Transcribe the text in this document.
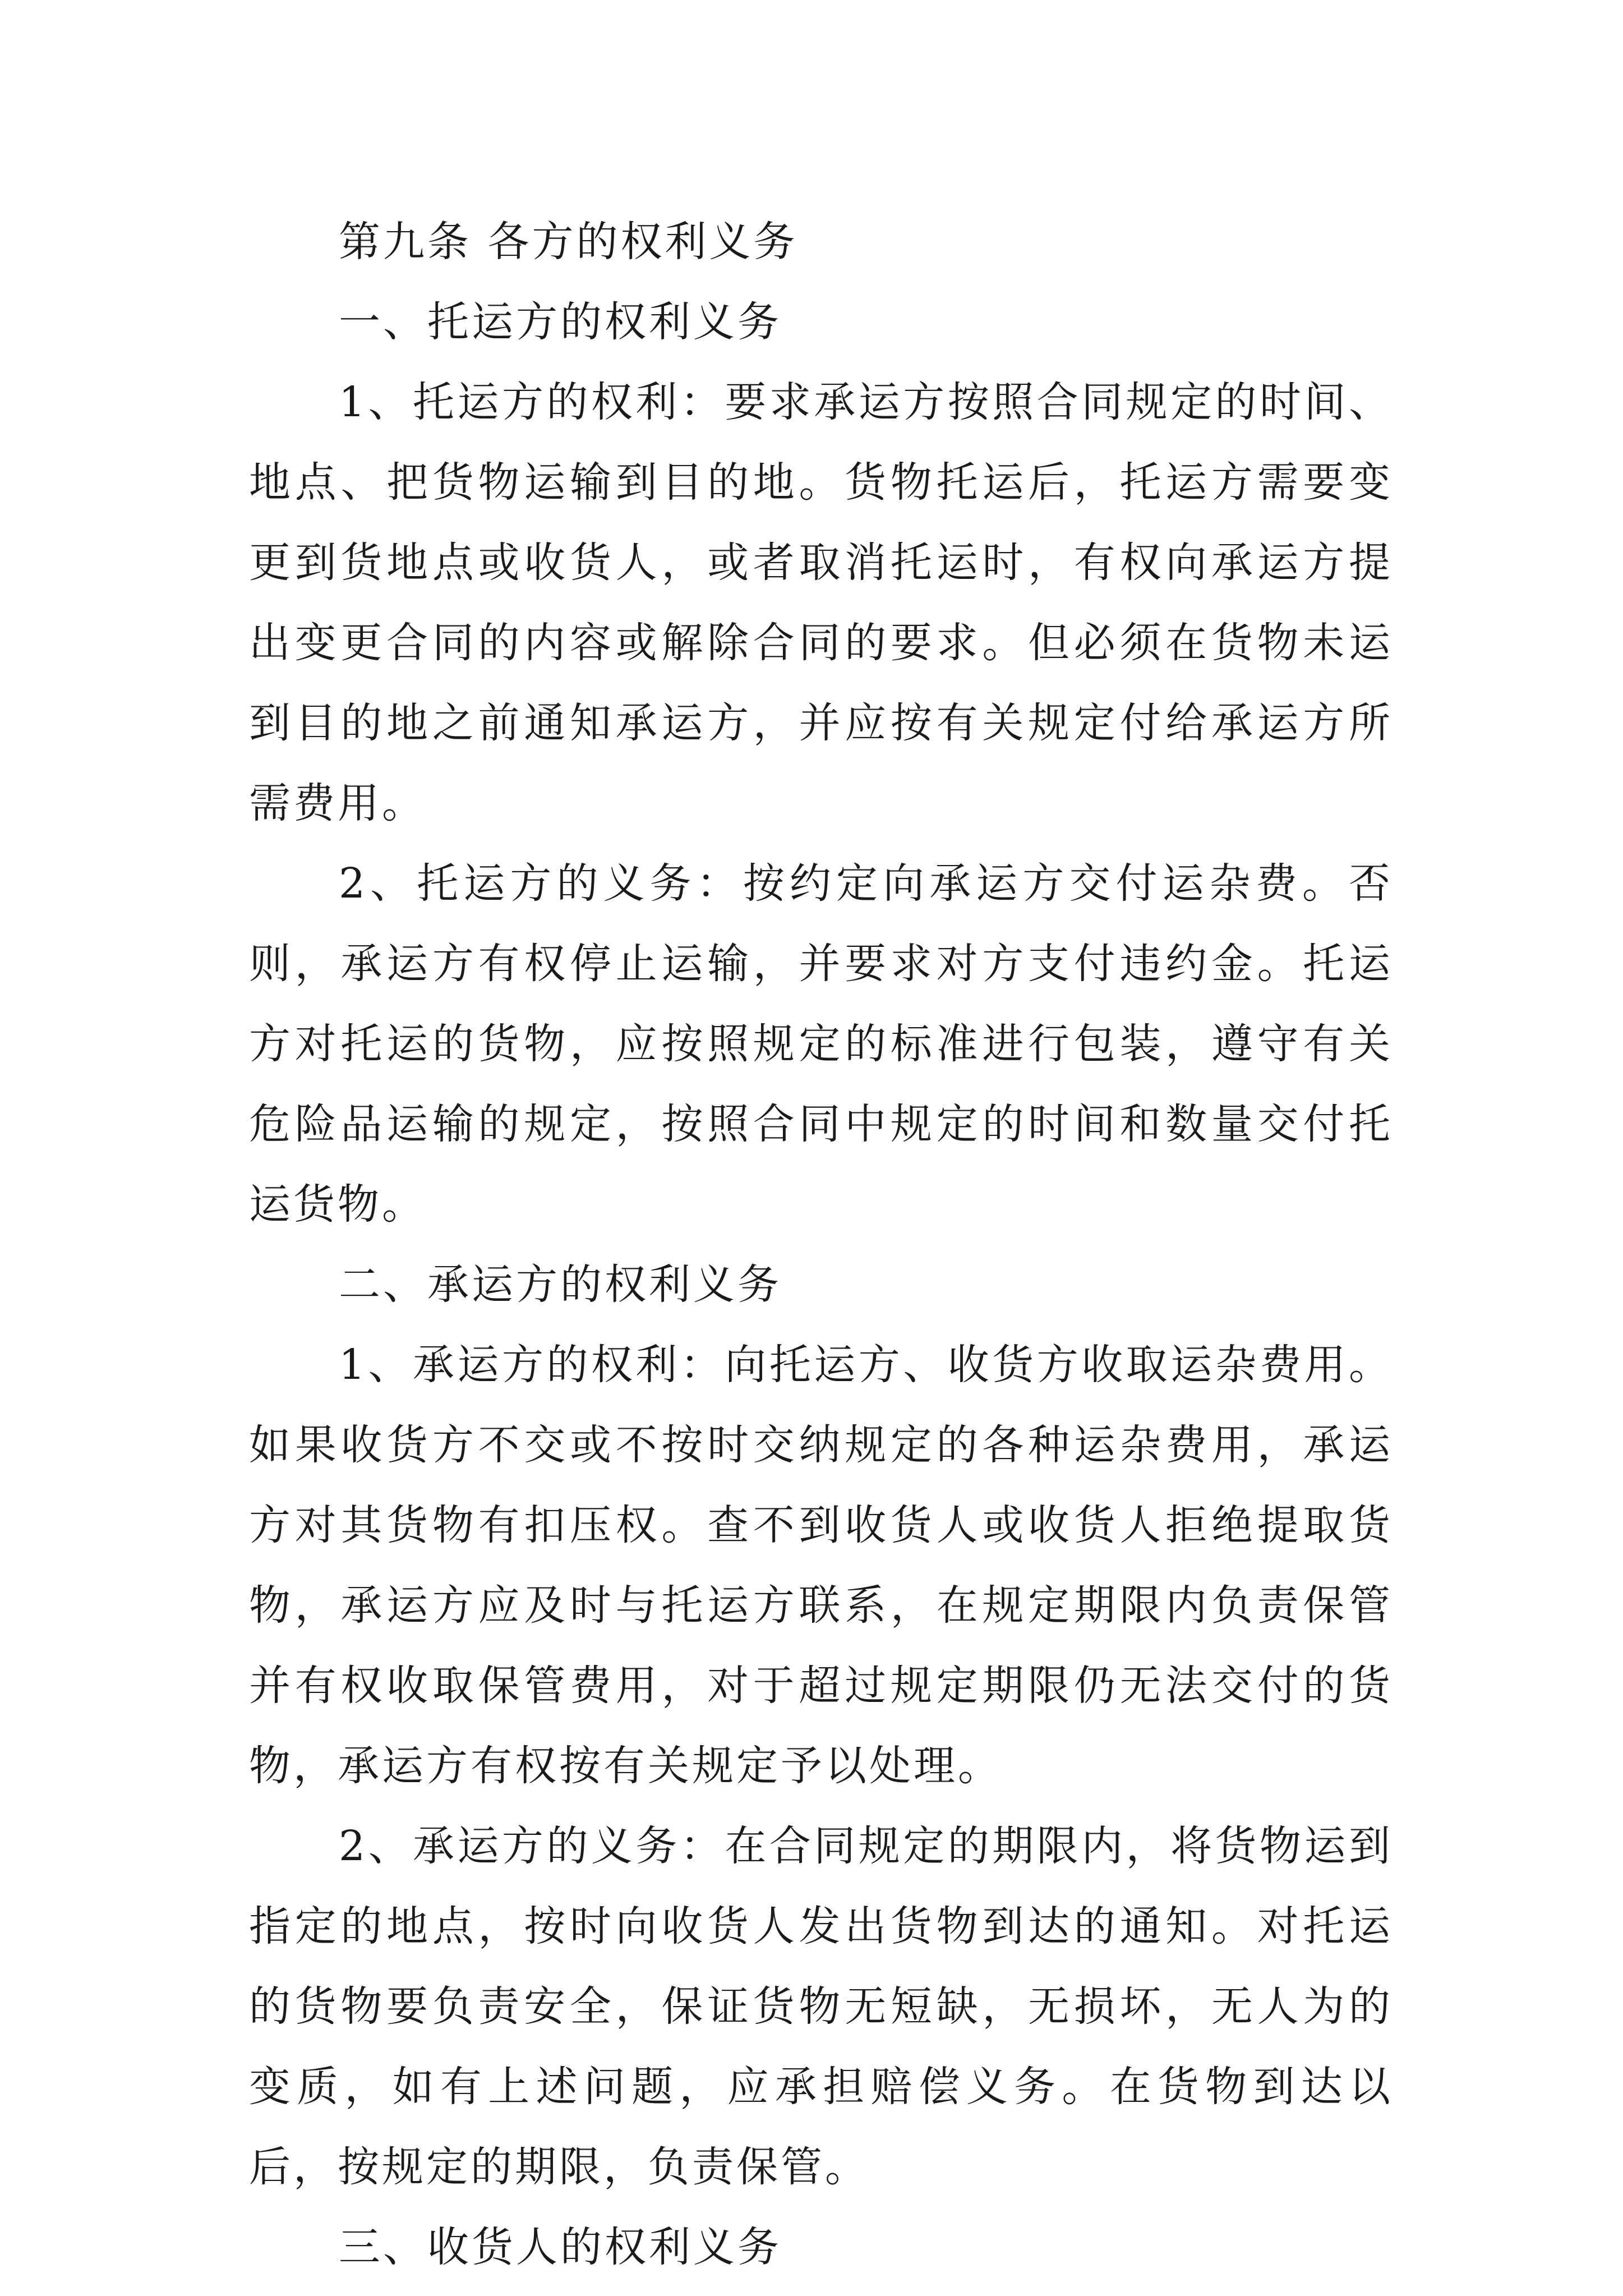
第九条 各方的权利义务

一、托运方的权利义务

1、托运方的权利：要求承运方按照合同规定的时间、地点、把货物运输到目的地。货物托运后，托运方需要变更到货地点或收货人，或者取消托运时，有权向承运方提出变更合同的内容或解除合同的要求。但必须在货物未运到目的地之前通知承运方，并应按有关规定付给承运方所需费用。

2、托运方的义务：按约定向承运方交付运杂费。否则，承运方有权停止运输，并要求对方支付违约金。托运方对托运的货物，应按照规定的标准进行包装，遵守有关危险品运输的规定，按照合同中规定的时间和数量交付托运货物。

二、承运方的权利义务

1、承运方的权利：向托运方、收货方收取运杂费用。如果收货方不交或不按时交纳规定的各种运杂费用，承运方对其货物有扣压权。查不到收货人或收货人拒绝提取货物，承运方应及时与托运方联系，在规定期限内负责保管并有权收取保管费用，对于超过规定期限仍无法交付的货物，承运方有权按有关规定予以处理。

2、承运方的义务：在合同规定的期限内，将货物运到指定的地点，按时向收货人发出货物到达的通知。对托运的货物要负责安全，保证货物无短缺，无损坏，无人为的变质，如有上述问题，应承担赔偿义务。在货物到达以后，按规定的期限，负责保管。

三、收货人的权利义务
